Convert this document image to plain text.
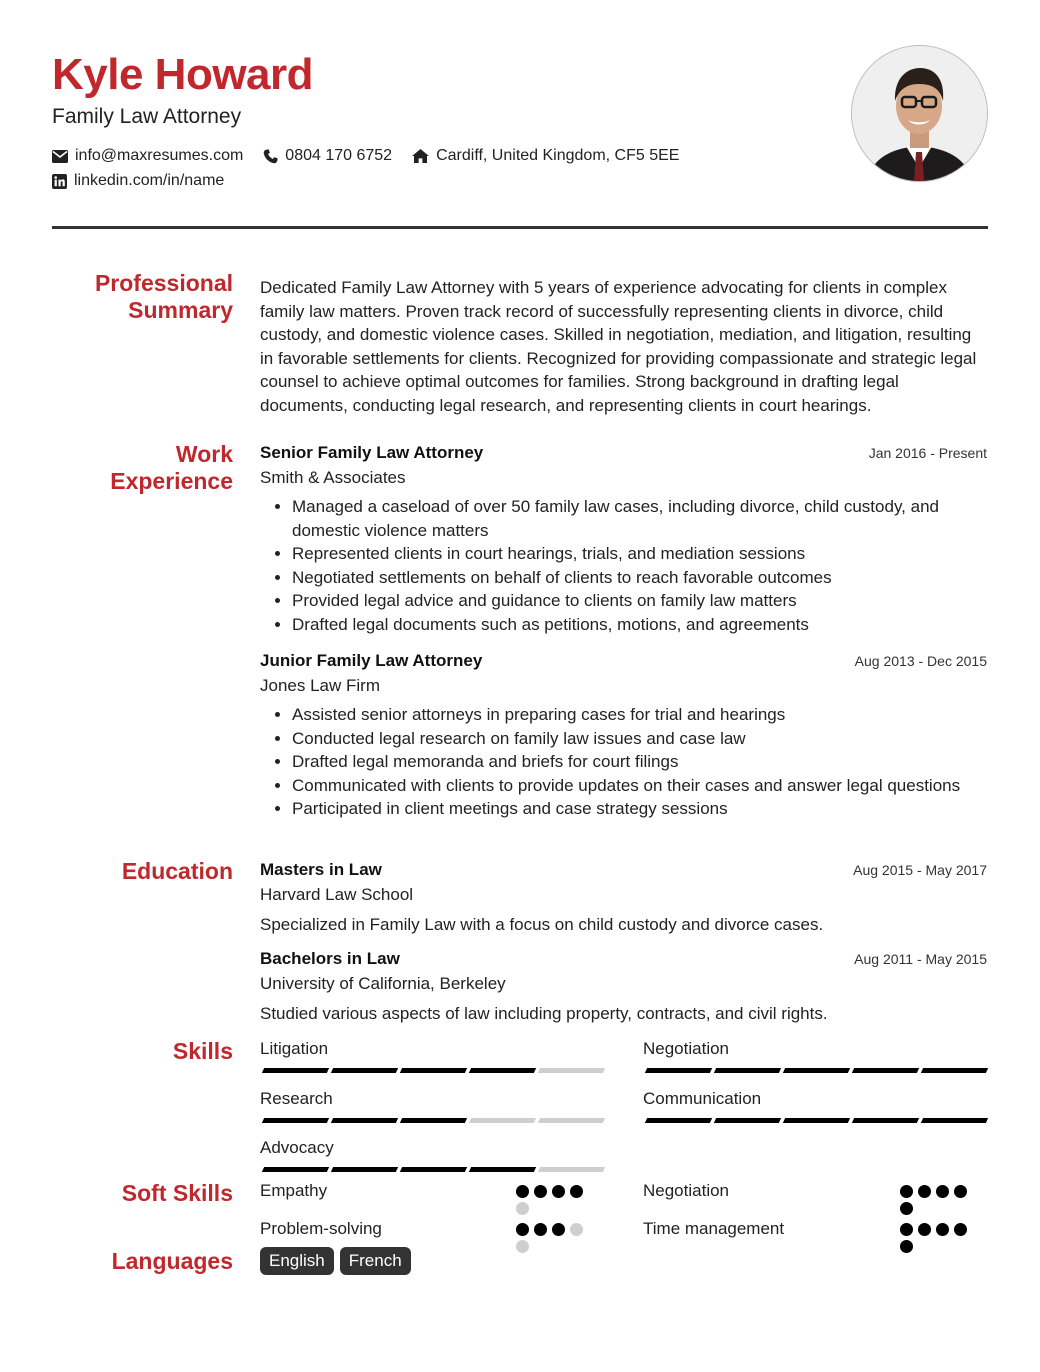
Kyle Howard
Family Law Attorney
info@maxresumes.com	0804 170 6752	Cardiff, United Kingdom, CF5 5EE
linkedin.com/in/name
Professional Summary
Dedicated Family Law Attorney with 5 years of experience advocating for clients in complex family law matters. Proven track record of successfully representing clients in divorce, child custody, and domestic violence cases. Skilled in negotiation, mediation, and litigation, resulting in favorable settlements for clients. Recognized for providing compassionate and strategic legal counsel to achieve optimal outcomes for families. Strong background in drafting legal documents, conducting legal research, and representing clients in court hearings.
Work Experience
Senior Family Law Attorney	Jan 2016 - Present
Smith & Associates
• Managed a caseload of over 50 family law cases, including divorce, child custody, and domestic violence matters
• Represented clients in court hearings, trials, and mediation sessions
• Negotiated settlements on behalf of clients to reach favorable outcomes
• Provided legal advice and guidance to clients on family law matters
• Drafted legal documents such as petitions, motions, and agreements
Junior Family Law Attorney	Aug 2013 - Dec 2015
Jones Law Firm
• Assisted senior attorneys in preparing cases for trial and hearings
• Conducted legal research on family law issues and case law
• Drafted legal memoranda and briefs for court filings
• Communicated with clients to provide updates on their cases and answer legal questions
• Participated in client meetings and case strategy sessions
Education Masters in Law	Aug 2015 - May 2017
Harvard Law School
Specialized in Family Law with a focus on child custody and divorce cases.
Bachelors in Law	Aug 2011 - May 2015
University of California, Berkeley
Studied various aspects of law including property, contracts, and civil rights.
Skills Litigation	Negotiation
Research	Communication
Advocacy
Soft Skills Empathy	Negotiation
Problem-solving	Time management
Languages	English	French
